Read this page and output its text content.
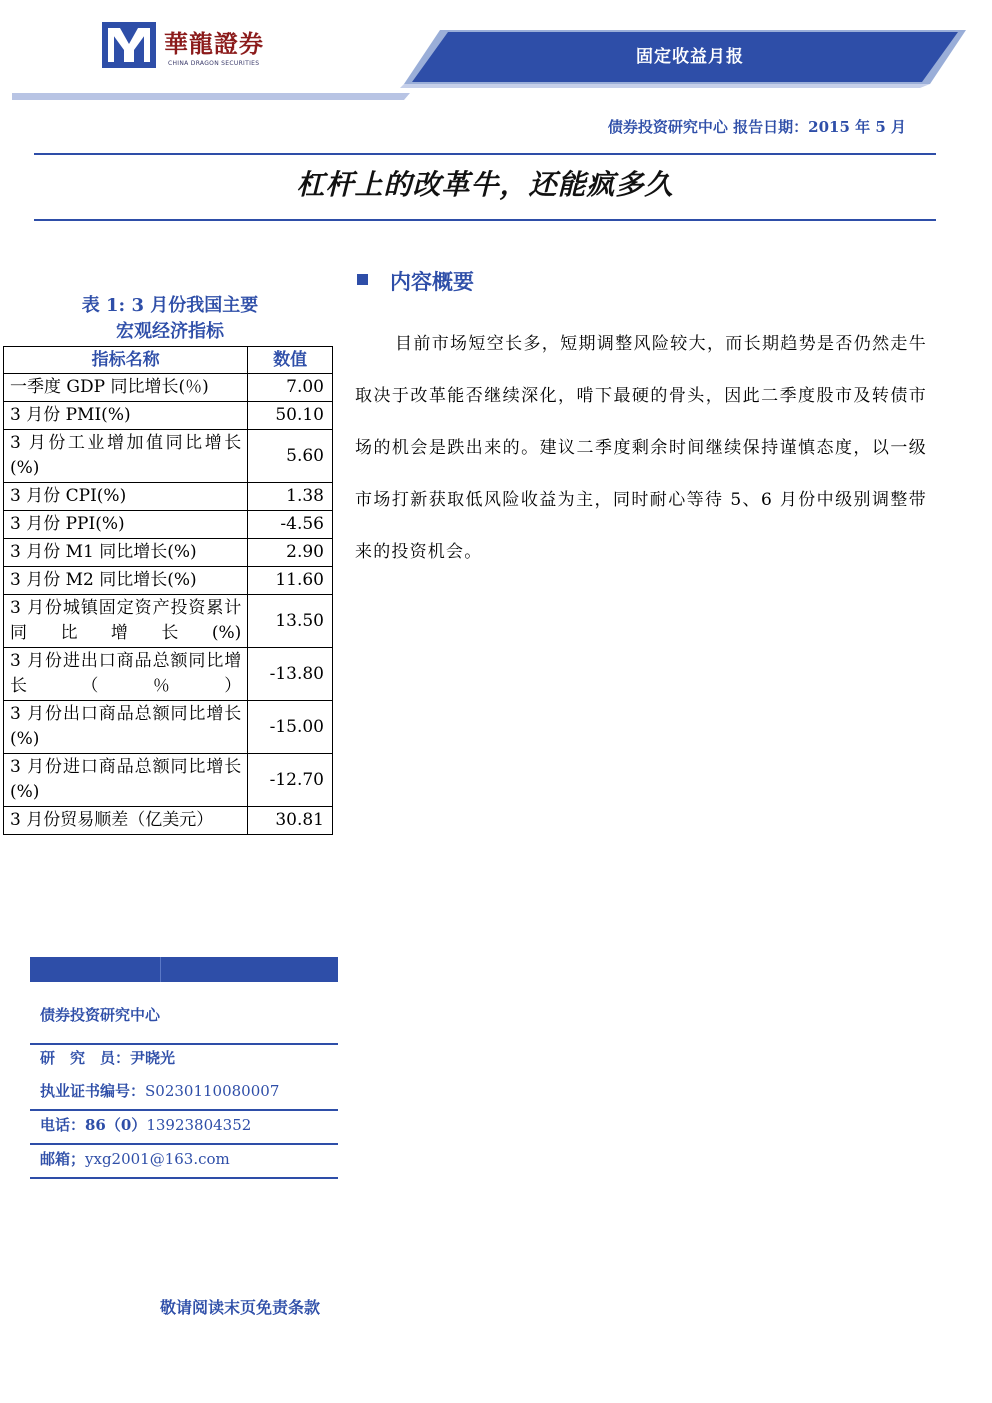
華龍證券
CHINA DRAGON SECURITIES	固定收益月报
债券投资研究中心 报告日期：2015 年 5 月
杠杆上的改革牛，还能疯多久
表 1: 3 月份我国主要
宏观经济指标
指标名称	数值
一季度 GDP 同比增长(％)	7.00
3 月份 PMI(%)	50.10
3 月份工业增加值同比增长(%)	5.60
3 月份 CPI(%)	1.38
3 月份 PPI(%)	-4.56
3 月份 M1 同比增长(%)	2.90
3 月份 M2 同比增长(%)	11.60
3 月份城镇固定资产投资累计同比增长(%)	13.50
3 月份进出口商品总额同比增长（％）	-13.80
3 月份出口商品总额同比增长(%)	-15.00
3 月份进口商品总额同比增长(%)	-12.70
3 月份贸易顺差（亿美元）	30.81
内容概要
目前市场短空长多，短期调整风险较大，而长期趋势是否仍然走牛取决于改革能否继续深化，啃下最硬的骨头，因此二季度股市及转债市场的机会是跌出来的。建议二季度剩余时间继续保持谨慎态度，以一级市场打新获取低风险收益为主，同时耐心等待 5、6 月份中级别调整带来的投资机会。
债券投资研究中心
研　究　员：尹晓光
执业证书编号：S0230110080007
电话：86（0）13923804352
邮箱；yxg2001@163.com
敬请阅读末页免责条款
